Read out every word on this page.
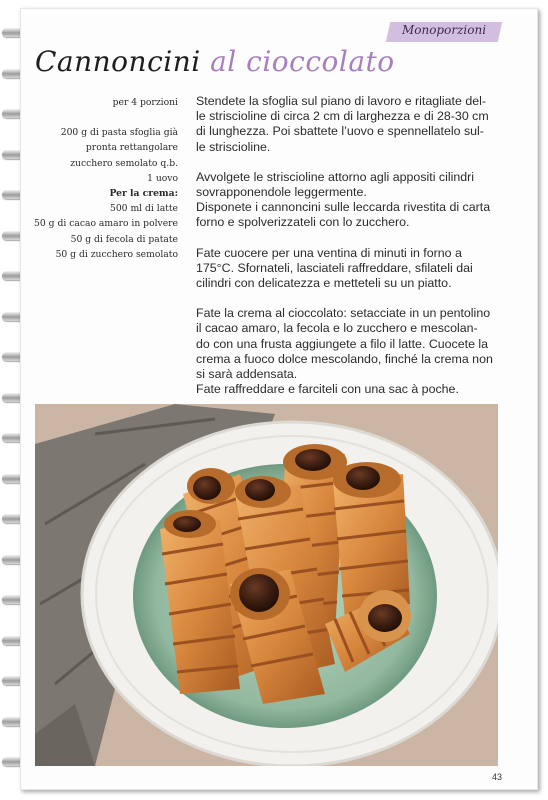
Monoporzioni
Cannoncini al cioccolato
per 4 porzioni
200 g di pasta sfoglia già
pronta rettangolare
zucchero semolato q.b.
1 uovo
Per la crema:
500 ml di latte
50 g di cacao amaro in polvere
50 g di fecola di patate
50 g di zucchero semolato

Stendete la sfoglia sul piano di lavoro e ritagliate del-
le striscioline di circa 2 cm di larghezza e di 28-30 cm
di lunghezza. Poi sbattete l’uovo e spennellatelo sul-
le striscioline.

Avvolgete le striscioline attorno agli appositi cilindri
sovrapponendole leggermente.
Disponete i cannoncini sulle leccarda rivestita di carta
forno e spolverizzateli con lo zucchero.

Fate cuocere per una ventina di minuti in forno a
175°C. Sfornateli, lasciateli raffreddare, sfilateli dai
cilindri con delicatezza e metteteli su un piatto.

Fate la crema al cioccolato: setacciate in un pentolino
il cacao amaro, la fecola e lo zucchero e mescolan-
do con una frusta aggiungete a filo il latte. Cuocete la
crema a fuoco dolce mescolando, finché la crema non
si sarà addensata.
Fate raffreddare e farciteli con una sac à poche.

43
